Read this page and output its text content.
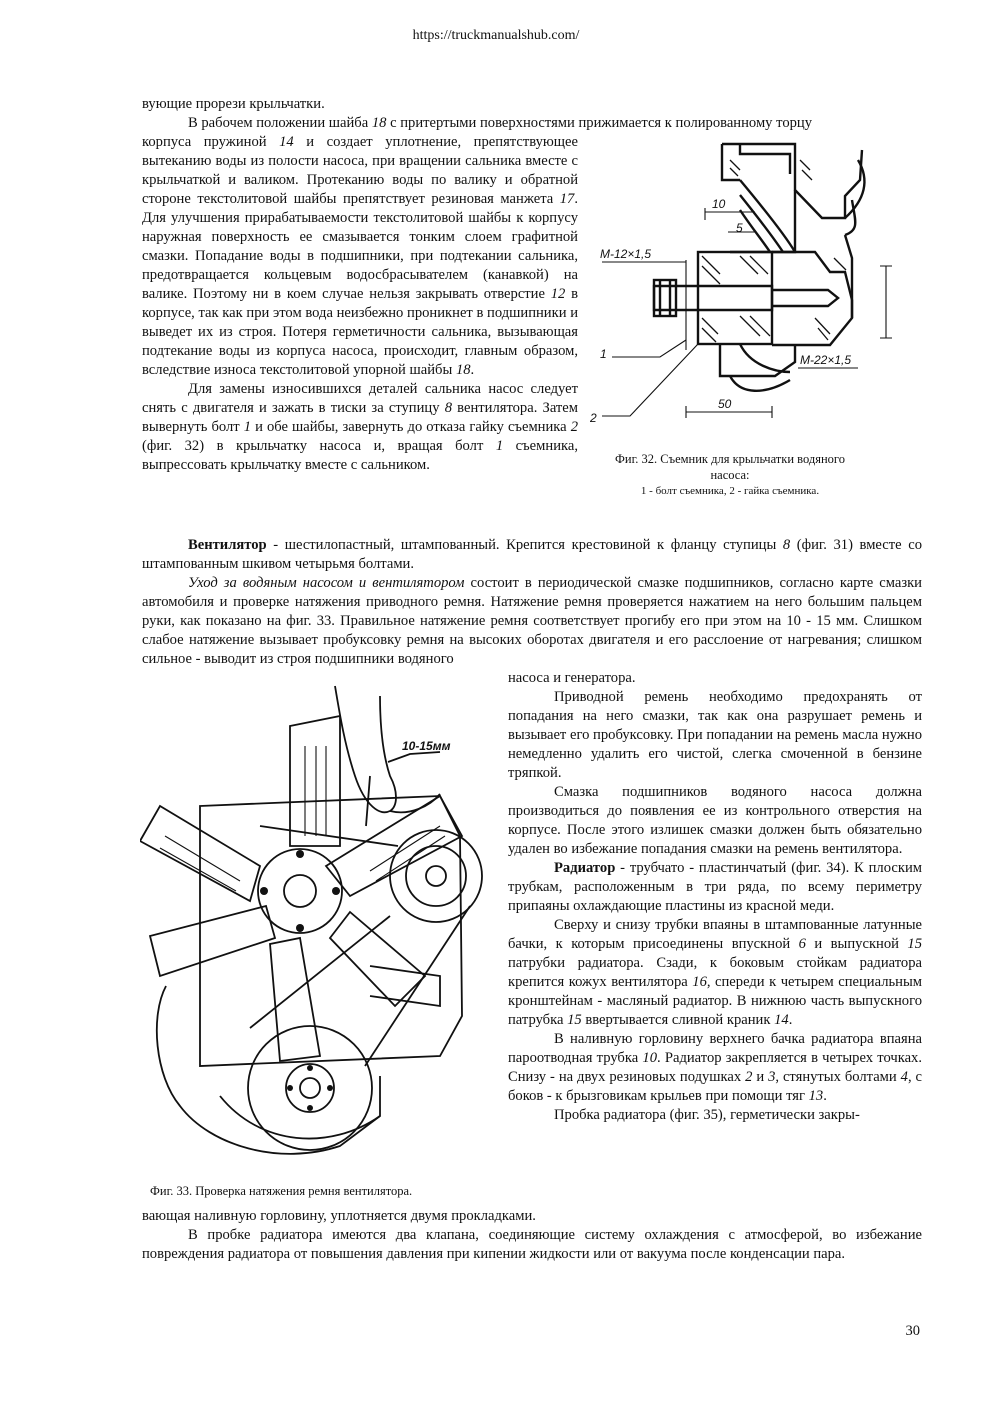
https://truckmanualshub.com/

вующие прорези крыльчатки.

В рабочем положении шайба 18 с притертыми поверхностями прижимается к полированному торцу

корпуса пружиной 14 и создает уплотнение, препятствующее вытеканию воды из полости насоса, при вращении сальника вместе с крыльчаткой и валиком. Протеканию воды по валику и обратной стороне текстолитовой шайбы препятствует резиновая манжета 17. Для улучшения прирабатываемости текстолитовой шайбы к корпусу наружная поверхность ее смазывается тонким слоем графитной смазки. Попадание воды в подшипники, при подтекании сальника, предотвращается кольцевым водосбрасывателем (канавкой) на валике. Поэтому ни в коем случае нельзя закрывать отверстие 12 в корпусе, так как при этом вода неизбежно проникнет в подшипники и выведет их из строя. Потеря герметичности сальника, вызывающая подтекание воды из корпуса насоса, происходит, главным образом, вследствие износа текстолитовой упорной шайбы 18.

Для замены износившихся деталей сальника насос следует снять с двигателя и зажать в тиски за ступицу 8 вентилятора. Затем вывернуть болт 1 и обе шайбы, завернуть до отказа гайку съемника 2 (фиг. 32) в крыльчатку насоса и, вращая болт 1 съемника, выпрессовать крыльчатку вместе с сальником.

10
5
M-12×1,5
1
2
M-22×1,5
50
Фиг. 32. Съемник для крыльчатки водяного насоса:
1 - болт съемника, 2 - гайка съемника.

Вентилятор - шестилопастный, штампованный. Крепится крестовиной к фланцу ступицы 8 (фиг. 31) вместе со штампованным шкивом четырьмя болтами.

Уход за водяным насосом и вентилятором состоит в периодической смазке подшипников, согласно карте смазки автомобиля и проверке натяжения приводного ремня. Натяжение ремня проверяется нажатием на него большим пальцем руки, как показано на фиг. 33. Правильное натяжение ремня соответствует прогибу его при этом на 10 - 15 мм. Слишком слабое натяжение вызывает пробуксовку ремня на высоких оборотах двигателя и его расслоение от нагревания; слишком сильное - выводит из строя подшипники водяного

10-15мм
Фиг. 33. Проверка натяжения ремня вентилятора.

насоса и генератора.

Приводной ремень необходимо предохранять от попадания на него смазки, так как она разрушает ремень и вызывает его пробуксовку. При попадании на ремень масла нужно немедленно удалить его чистой, слегка смоченной в бензине тряпкой.

Смазка подшипников водяного насоса должна производиться до появления ее из контрольного отверстия на корпусе. После этого излишек смазки должен быть обязательно удален во избежание попадания смазки на ремень вентилятора.

Радиатор - трубчато - пластинчатый (фиг. 34). К плоским трубкам, расположенным в три ряда, по всему периметру припаяны охлаждающие пластины из красной меди.

Сверху и снизу трубки впаяны в штампованные латунные бачки, к которым присоединены впускной 6 и выпускной 15 патрубки радиатора. Сзади, к боковым стойкам радиатора крепится кожух вентилятора 16, спереди к четырем специальным кронштейнам - масляный радиатор. В нижнюю часть выпускного патрубка 15 ввертывается сливной краник 14.

В наливную горловину верхнего бачка радиатора впаяна пароотводная трубка 10. Радиатор закрепляется в четырех точках. Снизу - на двух резиновых подушках 2 и 3, стянутых болтами 4, с боков - к брызговикам крыльев при помощи тяг 13.

Пробка радиатора (фиг. 35), герметически закры-

вающая наливную горловину, уплотняется двумя прокладками.

В пробке радиатора имеются два клапана, соединяющие систему охлаждения с атмосферой, во избежание повреждения радиатора от повышения давления при кипении жидкости или от вакуума после конденсации пара.

30
